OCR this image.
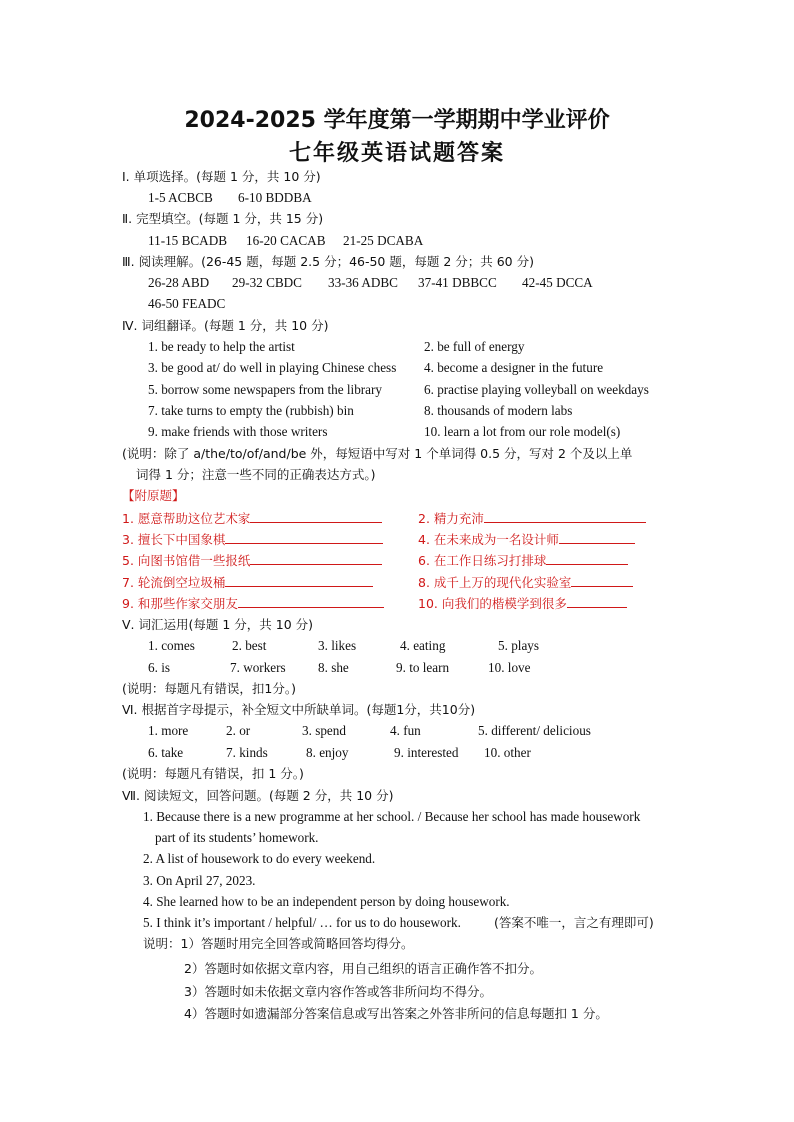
2024-2025 学年度第一学期期中学业评价
七年级英语试题答案
Ⅰ. 单项选择。(每题 1 分，共 10 分)
1-5 ACBCB 6-10 BDDBA
Ⅱ. 完型填空。(每题 1 分，共 15 分)
11-15 BCADB 16-20 CACAB 21-25 DCABA
Ⅲ. 阅读理解。(26-45 题，每题 2.5 分；46-50 题，每题 2 分；共 60 分)
26-28 ABD 29-32 CBDC 33-36 ADBC 37-41 DBBCC 42-45 DCCA
46-50 FEADC
Ⅳ. 词组翻译。(每题 1 分，共 10 分)
1. be ready to help the artist	2. be full of energy
3. be good at/ do well in playing Chinese chess 4. become a designer in the future
5. borrow some newspapers from the library	6. practise playing volleyball on weekdays
7. take turns to empty the (rubbish) bin	8. thousands of modern labs
9. make friends with those writers	10. learn a lot from our role model(s)
(说明：除了 a/the/to/of/and/be 外，每短语中写对 1 个单词得 0.5 分，写对 2 个及以上单
词得 1 分；注意一些不同的正确表达方式。)
【附原题】
1. 愿意帮助这位艺术家	2. 精力充沛
3. 擅长下中国象棋	4. 在未来成为一名设计师
5. 向图书馆借一些报纸	6. 在工作日练习打排球
7. 轮流倒空垃圾桶	8. 成千上万的现代化实验室
9. 和那些作家交朋友	10. 向我们的楷模学到很多
Ⅴ. 词汇运用(每题 1 分，共 10 分)
1. comes	2. best	3. likes	4. eating	5. plays
6. is	7. workers 8. she	9. to learn	10. love
(说明：每题凡有错误，扣1分。)
Ⅵ. 根据首字母提示，补全短文中所缺单词。(每题1分，共10分)
1. more	2. or	3. spend	4. fun	5. different/ delicious
6. take	7. kinds	8. enjoy	9. interested 10. other
(说明：每题凡有错误，扣 1 分。)
Ⅶ. 阅读短文，回答问题。(每题 2 分，共 10 分)
1. Because there is a new programme at her school. / Because her school has made housework
part of its students’ homework.
2. A list of housework to do every weekend.
3. On April 27, 2023.
4. She learned how to be an independent person by doing housework.
5. I think it’s important / helpful/ … for us to do housework.	(答案不唯一，言之有理即可)
说明：1）答题时用完全回答或简略回答均得分。
2）答题时如依据文章内容，用自己组织的语言正确作答不扣分。
3）答题时如未依据文章内容作答或答非所问均不得分。
4）答题时如遗漏部分答案信息或写出答案之外答非所问的信息每题扣 1 分。
